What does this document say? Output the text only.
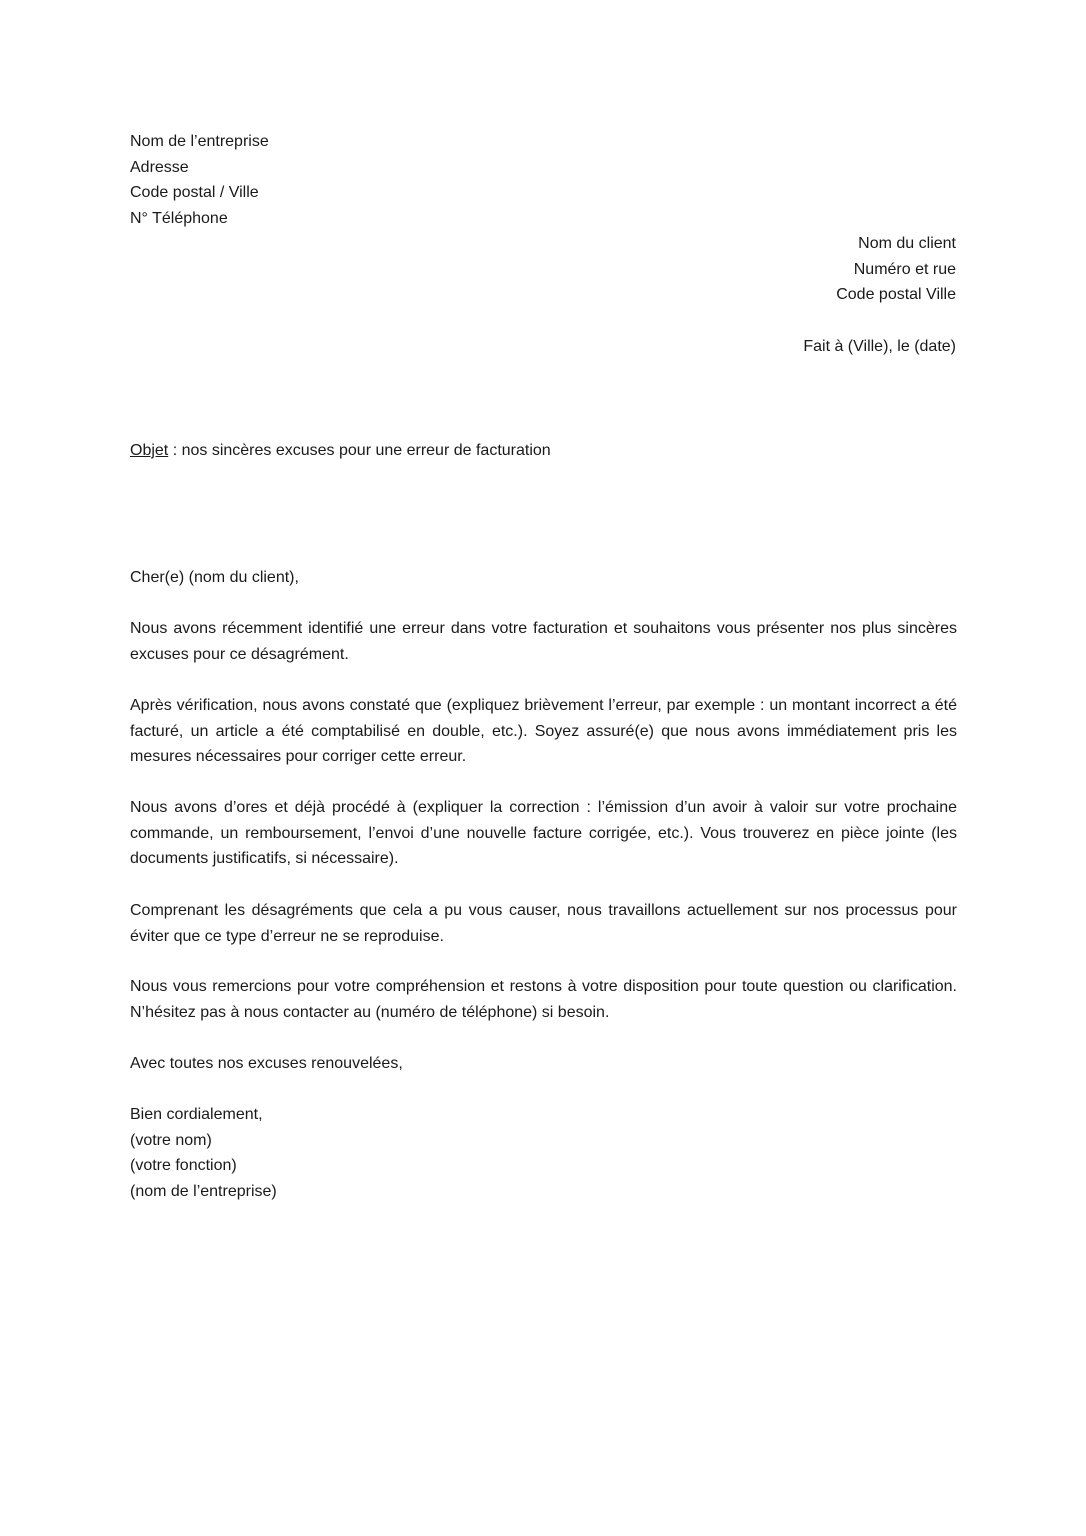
Nom de l’entreprise
Adresse
Code postal / Ville
N° Téléphone
Nom du client
Numéro et rue
Code postal Ville
Fait à (Ville), le (date)
Objet : nos sincères excuses pour une erreur de facturation
Cher(e) (nom du client),

Nous avons récemment identifié une erreur dans votre facturation et souhaitons vous présenter nos plus sincères excuses pour ce désagrément.

Après vérification, nous avons constaté que (expliquez brièvement l’erreur, par exemple : un montant incorrect a été facturé, un article a été comptabilisé en double, etc.). Soyez assuré(e) que nous avons immédiatement pris les mesures nécessaires pour corriger cette erreur.

Nous avons d’ores et déjà procédé à (expliquer la correction : l’émission d’un avoir à valoir sur votre prochaine commande, un remboursement, l’envoi d’une nouvelle facture corrigée, etc.). Vous trouverez en pièce jointe (les documents justificatifs, si nécessaire).

Comprenant les désagréments que cela a pu vous causer, nous travaillons actuellement sur nos processus pour éviter que ce type d’erreur ne se reproduise.

Nous vous remercions pour votre compréhension et restons à votre disposition pour toute question ou clarification. N’hésitez pas à nous contacter au (numéro de téléphone) si besoin.

Avec toutes nos excuses renouvelées,
Bien cordialement,
(votre nom)
(votre fonction)
(nom de l’entreprise)
